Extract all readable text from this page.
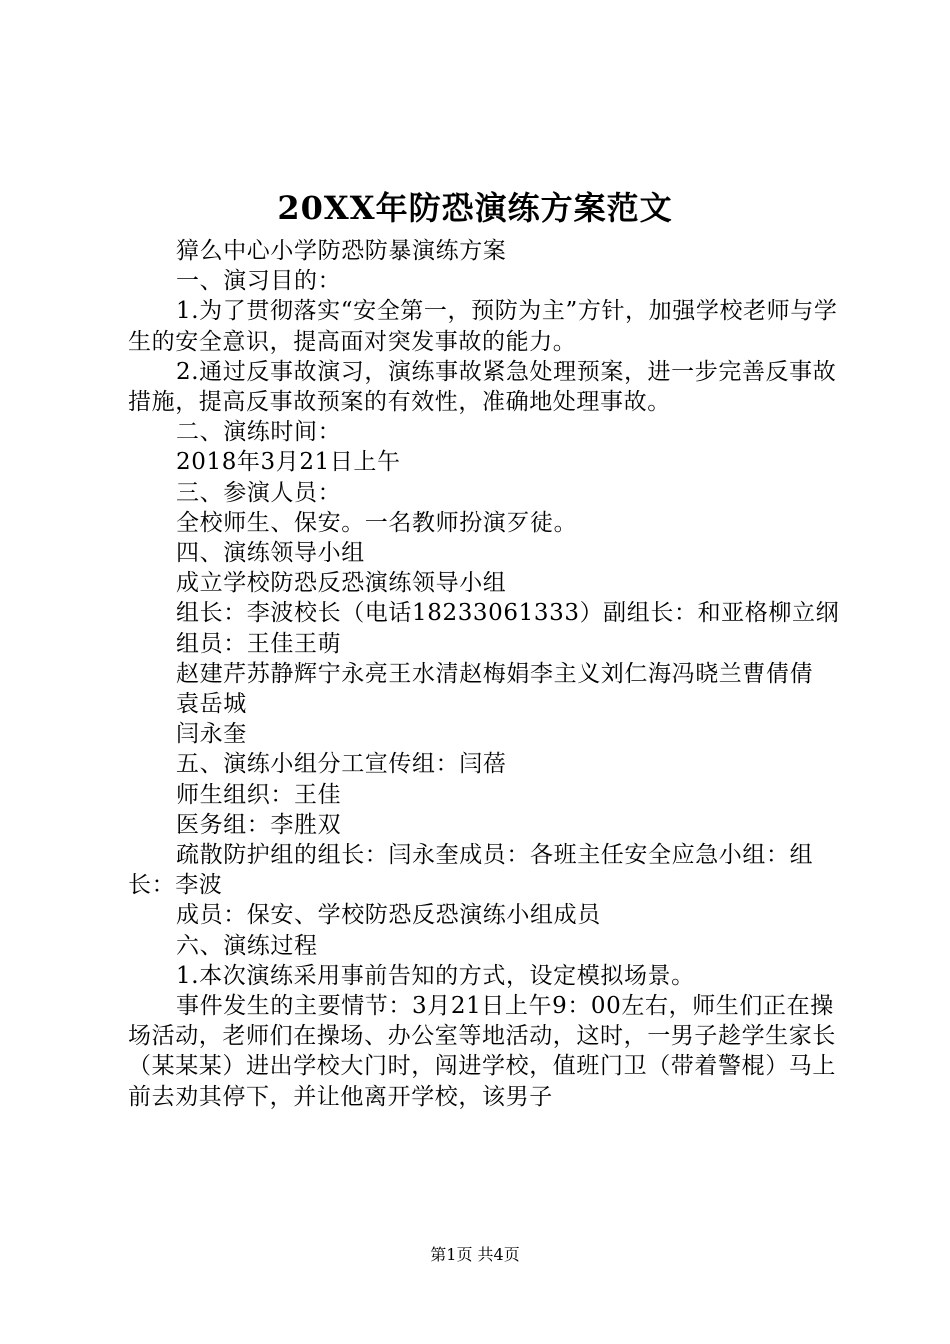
20XX年防恐演练方案范文

獐么中心小学防恐防暴演练方案

一、演习目的：

1.为了贯彻落实“安全第一，预防为主”方针，加强学校老师与学生的安全意识，提高面对突发事故的能力。

2.通过反事故演习，演练事故紧急处理预案，进一步完善反事故措施，提高反事故预案的有效性，准确地处理事故。

二、演练时间：

2018年3月21日上午

三、参演人员：

全校师生、保安。一名教师扮演歹徒。

四、演练领导小组

成立学校防恐反恐演练领导小组

组长：李波校长（电话18233061333）副组长：和亚格柳立纲

组员：王佳王萌

赵建芹苏静辉宁永亮王水清赵梅娟李主义刘仁海冯晓兰曹倩倩

袁岳城

闫永奎

五、演练小组分工宣传组：闫蓓

师生组织：王佳

医务组：李胜双

疏散防护组的组长：闫永奎成员：各班主任安全应急小组：组长：李波

成员：保安、学校防恐反恐演练小组成员

六、演练过程

1.本次演练采用事前告知的方式，设定模拟场景。

事件发生的主要情节：3月21日上午9：00左右，师生们正在操场活动，老师们在操场、办公室等地活动，这时，一男子趁学生家长（某某某）进出学校大门时，闯进学校，值班门卫（带着警棍）马上前去劝其停下，并让他离开学校，该男子

第1页 共4页
